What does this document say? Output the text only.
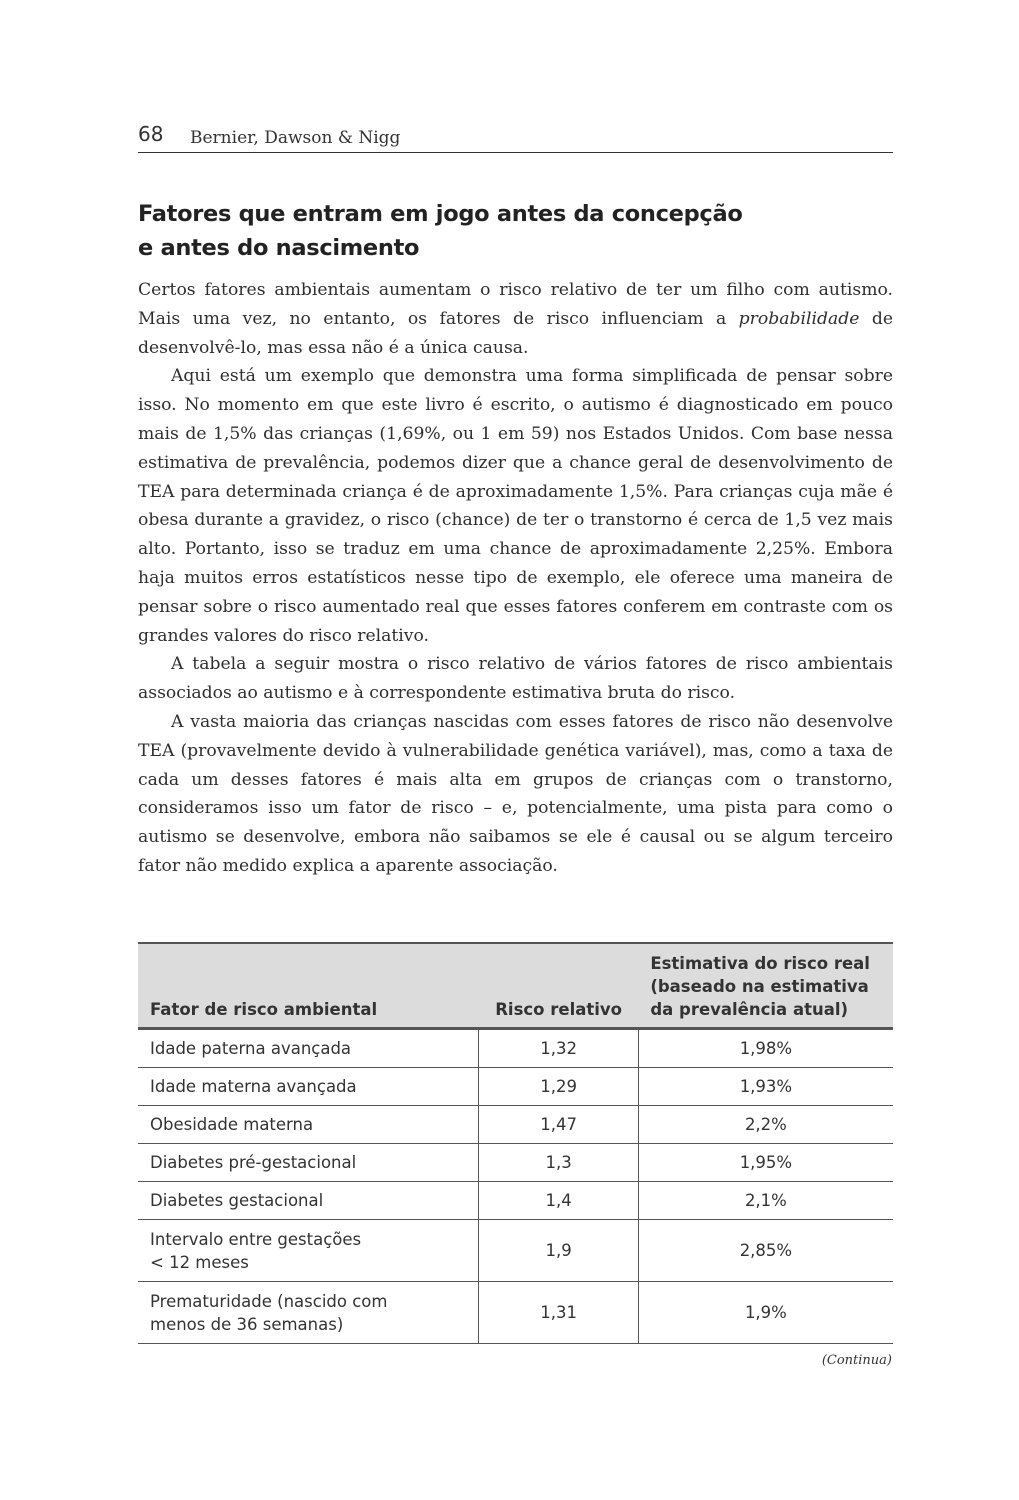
68 Bernier, Dawson & Nigg
Fatores que entram em jogo antes da concepção
e antes do nascimento

Certos fatores ambientais aumentam o risco relativo de ter um filho com autismo. Mais uma vez, no entanto, os fatores de risco influenciam a probabilidade de desenvolvê-lo, mas essa não é a única causa.

Aqui está um exemplo que demonstra uma forma simplificada de pensar sobre isso. No momento em que este livro é escrito, o autismo é diagnosticado em pouco mais de 1,5% das crianças (1,69%, ou 1 em 59) nos Estados Unidos. Com base nessa estimativa de prevalência, podemos dizer que a chance geral de desenvolvimento de TEA para determinada criança é de aproximadamente 1,5%. Para crianças cuja mãe é obesa durante a gravidez, o risco (chance) de ter o transtorno é cerca de 1,5 vez mais alto. Portanto, isso se traduz em uma chance de aproximadamente 2,25%. Embora haja muitos erros estatísticos nesse tipo de exemplo, ele oferece uma maneira de pensar sobre o risco aumentado real que esses fatores conferem em contraste com os grandes valores do risco relativo.

A tabela a seguir mostra o risco relativo de vários fatores de risco ambientais associados ao autismo e à correspondente estimativa bruta do risco.

A vasta maioria das crianças nascidas com esses fatores de risco não desenvolve TEA (provavelmente devido à vulnerabilidade genética variável), mas, como a taxa de cada um desses fatores é mais alta em grupos de crianças com o transtorno, consideramos isso um fator de risco – e, potencialmente, uma pista para como o autismo se desenvolve, embora não saibamos se ele é causal ou se algum terceiro fator não medido explica a aparente associação.

Fator de risco ambiental	Risco relativo	Estimativa do risco real
(baseado na estimativa
da prevalência atual)
Idade paterna avançada	1,32	1,98%
Idade materna avançada	1,29	1,93%
Obesidade materna	1,47	2,2%
Diabetes pré-gestacional	1,3	1,95%
Diabetes gestacional	1,4	2,1%
Intervalo entre gestações
< 12 meses	1,9	2,85%
Prematuridade (nascido com
menos de 36 semanas)	1,31	1,9%
(Continua)
